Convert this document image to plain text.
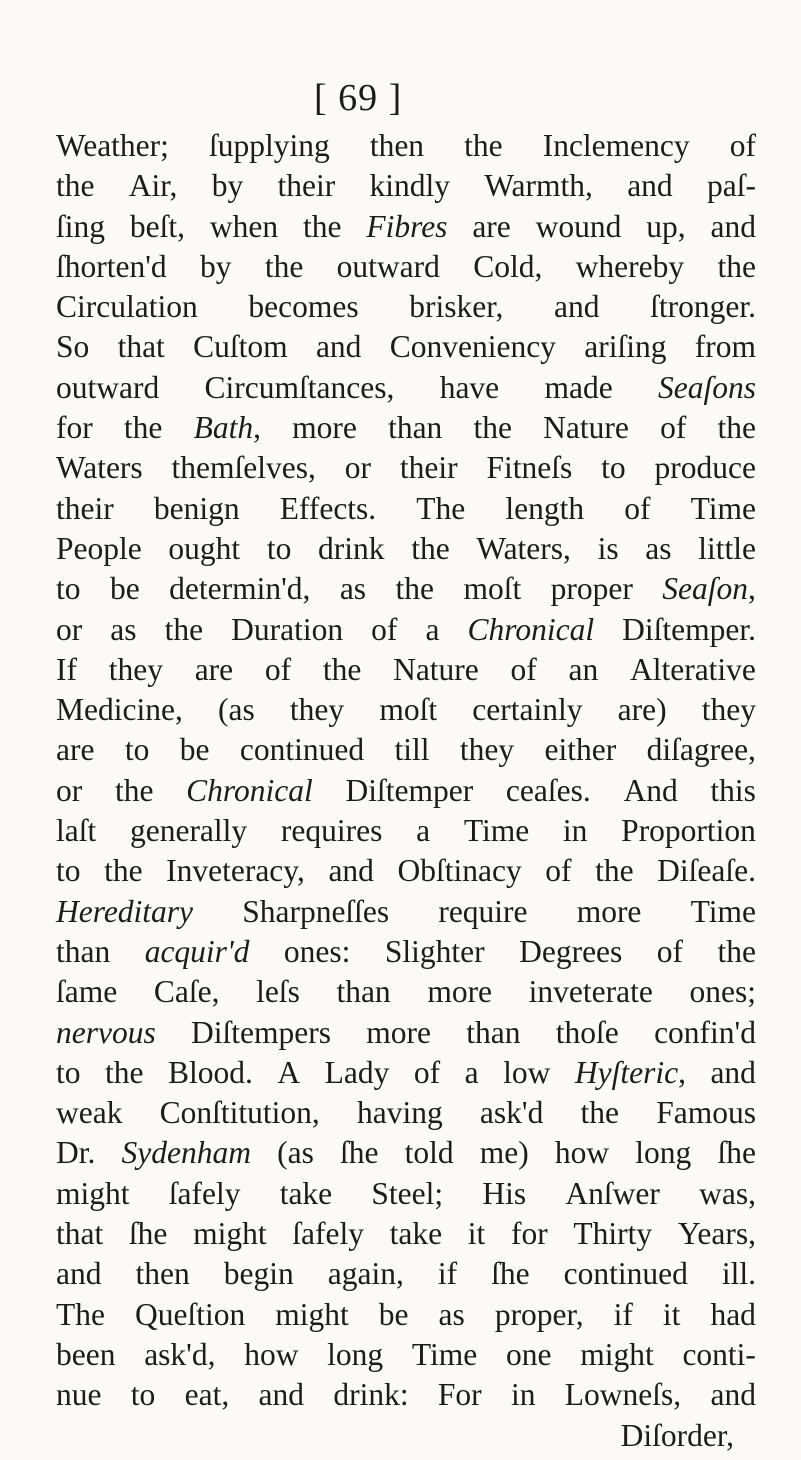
[ 69 ]
Weather; ſupplying then the Inclemency of
the Air, by their kindly Warmth, and paſ-
ſing beſt, when the Fibres are wound up, and
ſhorten'd by the outward Cold, whereby the
Circulation becomes brisker, and ſtronger.
So that Cuſtom and Conveniency ariſing from
outward Circumſtances, have made Seaſons
for the Bath, more than the Nature of the
Waters themſelves, or their Fitneſs to produce
their benign Effects. The length of Time
People ought to drink the Waters, is as little
to be determin'd, as the moſt proper Seaſon,
or as the Duration of a Chronical Diſtemper.
If they are of the Nature of an Alterative
Medicine, (as they moſt certainly are) they
are to be continued till they either diſagree,
or the Chronical Diſtemper ceaſes. And this
laſt generally requires a Time in Proportion
to the Inveteracy, and Obſtinacy of the Diſeaſe.
Hereditary Sharpneſſes require more Time
than acquir'd ones: Slighter Degrees of the
ſame Caſe, leſs than more inveterate ones;
nervous Diſtempers more than thoſe confin'd
to the Blood. A Lady of a low Hyſteric, and
weak Conſtitution, having ask'd the Famous
Dr. Sydenham (as ſhe told me) how long ſhe
might ſafely take Steel; His Anſwer was,
that ſhe might ſafely take it for Thirty Years,
and then begin again, if ſhe continued ill.
The Queſtion might be as proper, if it had
been ask'd, how long Time one might conti-
nue to eat, and drink: For in Lowneſs, and
Diſorder,
